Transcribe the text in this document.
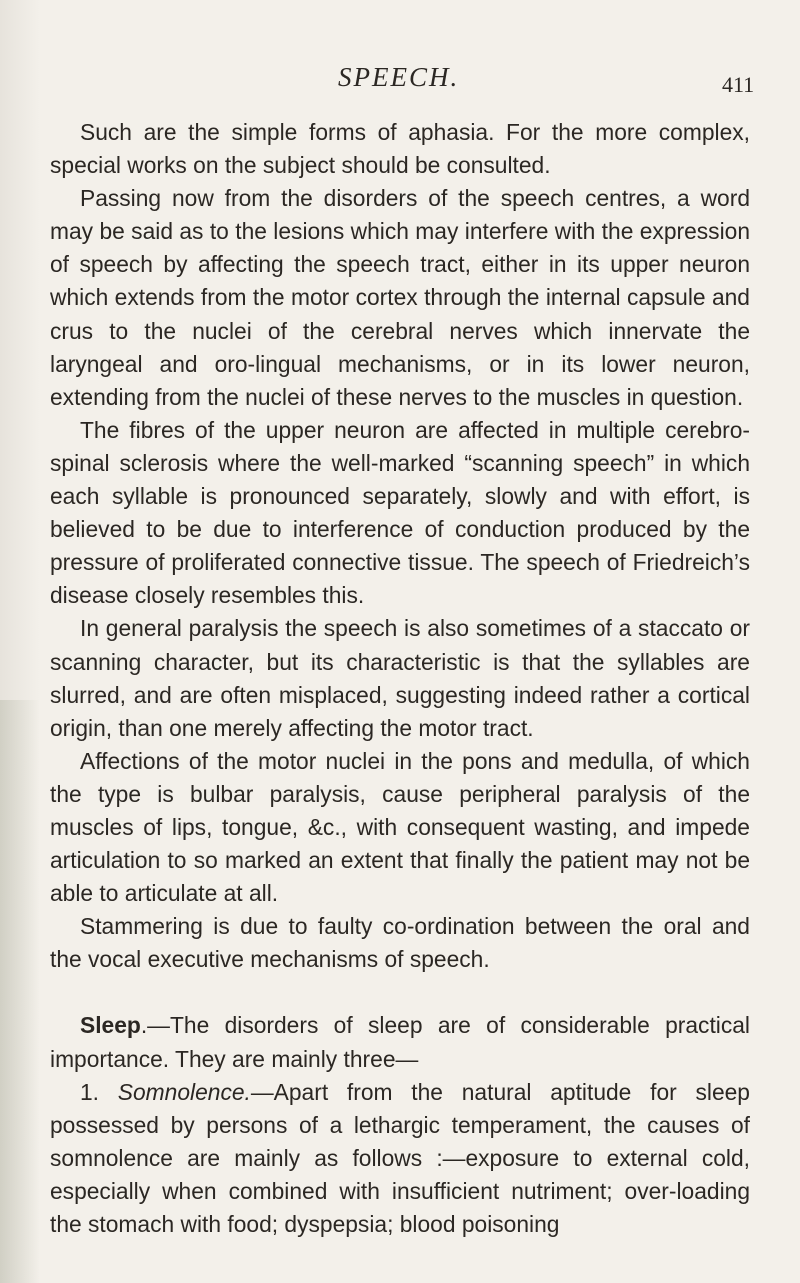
SPEECH.	411

Such are the simple forms of aphasia. For the more complex, special works on the subject should be consulted.

Passing now from the disorders of the speech centres, a word may be said as to the lesions which may interfere with the expression of speech by affecting the speech tract, either in its upper neuron which extends from the motor cortex through the internal capsule and crus to the nuclei of the cerebral nerves which innervate the laryngeal and oro-lingual mechanisms, or in its lower neuron, extending from the nuclei of these nerves to the muscles in question.

The fibres of the upper neuron are affected in multiple cerebro-spinal sclerosis where the well-marked “scanning speech” in which each syllable is pronounced separately, slowly and with effort, is believed to be due to interference of conduction produced by the pressure of proliferated connective tissue. The speech of Friedreich’s disease closely resembles this.

In general paralysis the speech is also sometimes of a staccato or scanning character, but its characteristic is that the syllables are slurred, and are often misplaced, suggesting indeed rather a cortical origin, than one merely affecting the motor tract.

Affections of the motor nuclei in the pons and medulla, of which the type is bulbar paralysis, cause peripheral paralysis of the muscles of lips, tongue, &c., with consequent wasting, and impede articulation to so marked an extent that finally the patient may not be able to articulate at all.

Stammering is due to faulty co-ordination between the oral and the vocal executive mechanisms of speech.

Sleep.—The disorders of sleep are of considerable practical importance. They are mainly three—

1. Somnolence.—Apart from the natural aptitude for sleep possessed by persons of a lethargic temperament, the causes of somnolence are mainly as follows :—exposure to external cold, especially when combined with insufficient nutriment; over-loading the stomach with food; dyspepsia; blood poisoning
